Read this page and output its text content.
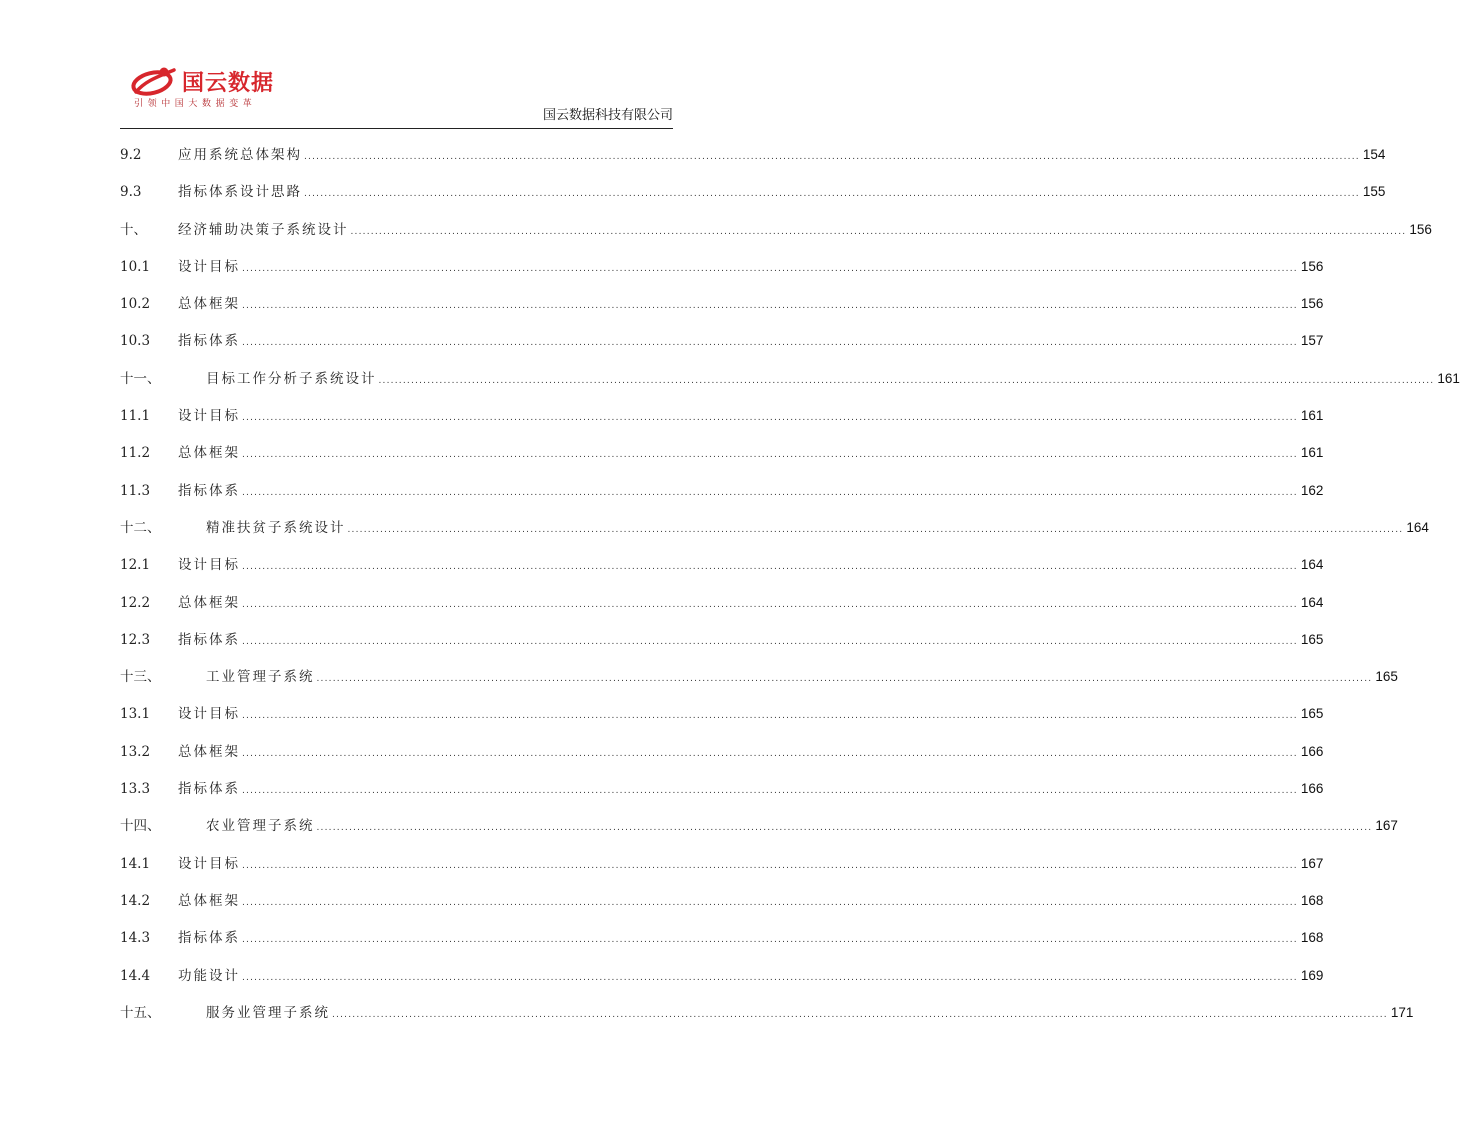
国云数据
引领中国大数据变革
国云数据科技有限公司
9.2	应用系统总体架构 .................................................................................................................................................................................................................................................................... 154
9.3	指标体系设计思路 .................................................................................................................................................................................................................................................................... 155
十、	经济辅助决策子系统设计 .................................................................................................................................................................................................................................................................... 156
10.1	设计目标 .................................................................................................................................................................................................................................................................... 156
10.2	总体框架 .................................................................................................................................................................................................................................................................... 156
10.3	指标体系 .................................................................................................................................................................................................................................................................... 157
十一、	目标工作分析子系统设计 .................................................................................................................................................................................................................................................................... 161
11.1	设计目标 .................................................................................................................................................................................................................................................................... 161
11.2	总体框架 .................................................................................................................................................................................................................................................................... 161
11.3	指标体系 .................................................................................................................................................................................................................................................................... 162
十二、	精准扶贫子系统设计 .................................................................................................................................................................................................................................................................... 164
12.1	设计目标 .................................................................................................................................................................................................................................................................... 164
12.2	总体框架 .................................................................................................................................................................................................................................................................... 164
12.3	指标体系 .................................................................................................................................................................................................................................................................... 165
十三、	工业管理子系统 .................................................................................................................................................................................................................................................................... 165
13.1	设计目标 .................................................................................................................................................................................................................................................................... 165
13.2	总体框架 .................................................................................................................................................................................................................................................................... 166
13.3	指标体系 .................................................................................................................................................................................................................................................................... 166
十四、	农业管理子系统 .................................................................................................................................................................................................................................................................... 167
14.1	设计目标 .................................................................................................................................................................................................................................................................... 167
14.2	总体框架 .................................................................................................................................................................................................................................................................... 168
14.3	指标体系 .................................................................................................................................................................................................................................................................... 168
14.4	功能设计 .................................................................................................................................................................................................................................................................... 169
十五、	服务业管理子系统 .................................................................................................................................................................................................................................................................... 171
